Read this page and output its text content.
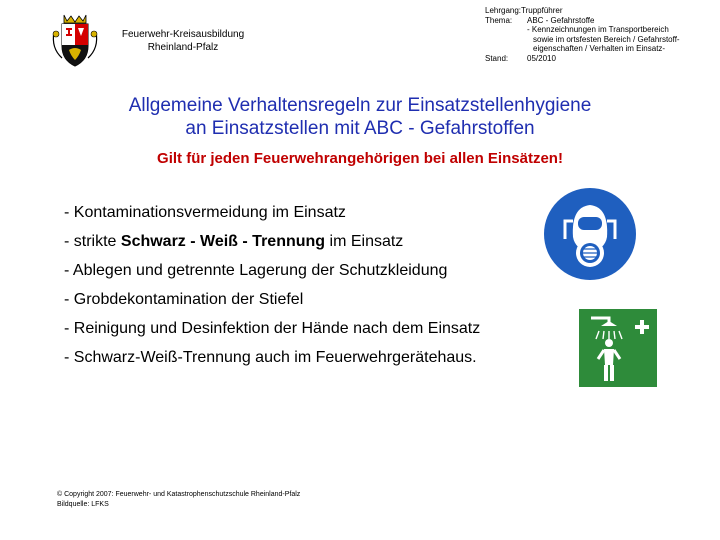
Feuerwehr-Kreisausbildung
Rheinland-Pfalz
Lehrgang: Truppführer
Thema:	ABC - Gefahrstoffe
- Kennzeichnungen im Transportbereich
sowie im ortsfesten Bereich / Gefahrstoff-
eigenschaften / Verhalten im Einsatz-
Stand:	05/2010
Allgemeine Verhaltensregeln zur Einsatzstellenhygiene
an Einsatzstellen mit ABC - Gefahrstoffen
Gilt für jeden Feuerwehrangehörigen bei allen Einsätzen!
- Kontaminationsvermeidung im Einsatz
- strikte Schwarz - Weiß - Trennung im Einsatz
- Ablegen und getrennte Lagerung der Schutzkleidung
- Grobdekontamination der Stiefel
- Reinigung und Desinfektion der Hände nach dem Einsatz
- Schwarz-Weiß-Trennung auch im Feuerwehrgerätehaus.
© Copyright 2007: Feuerwehr- und Katastrophenschutzschule Rheinland-Pfalz
Bildquelle: LFKS
